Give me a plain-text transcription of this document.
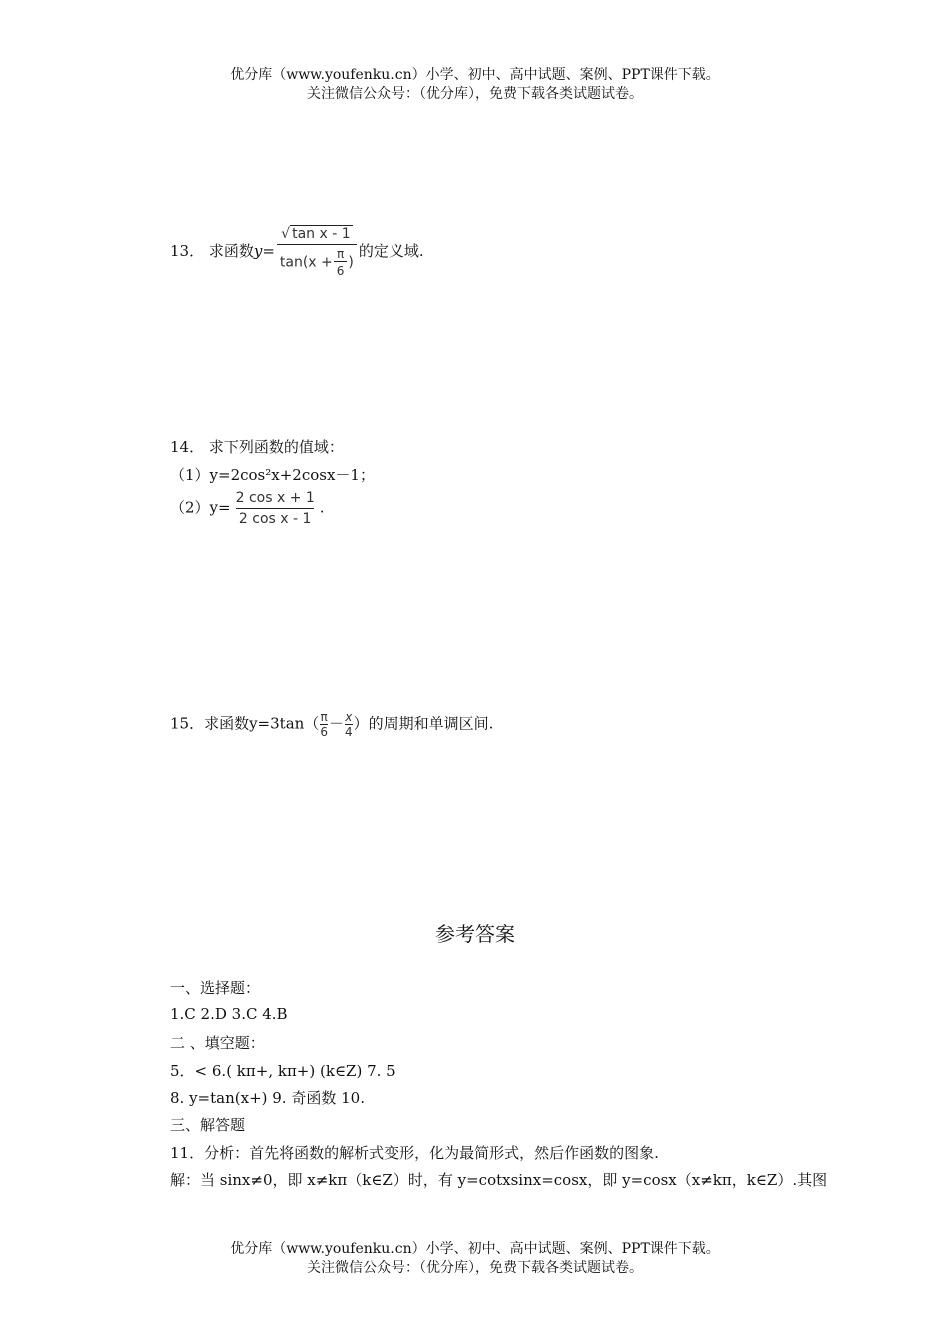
优分库（www.youfenku.cn）小学、初中、高中试题、案例、PPT课件下载。
关注微信公众号：（优分库），免费下载各类试题试卷。
13． 求函数$y= \frac{\text{√ tan x - 1}}{\tan(x + \frac{\pi}{6} )}$ 的定义域.
14． 求下列函数的值域：
（1）y=2cos²x+2cosx－1；
$(2)y= \frac{\text{2 cos x + 1}}{\text{2 cos x - 1}}$ .
15．求函数$y=3\tan( \frac{\pi}{6} - \frac{x}{4}$ ）的周期和单调区间.
参考答案
一、选择题：
1.C 2.D 3.C 4.B
二 、填空题：
5．< 6.( kπ+, kπ+) (k∈Z) 7. 5
8. y=tan(x+) 9. 奇函数 10.
三、解答题
11．分析：首先将函数的解析式变形，化为最简形式，然后作函数的图象.
解：当 sinx≠0，即 x≠kπ（k∈Z）时，有 y=cotxsinx=cosx，即 y=cosx（x≠kπ，k∈Z）.其图
优分库（www.youfenku.cn）小学、初中、高中试题、案例、PPT课件下载。
关注微信公众号：（优分库），免费下载各类试题试卷。
